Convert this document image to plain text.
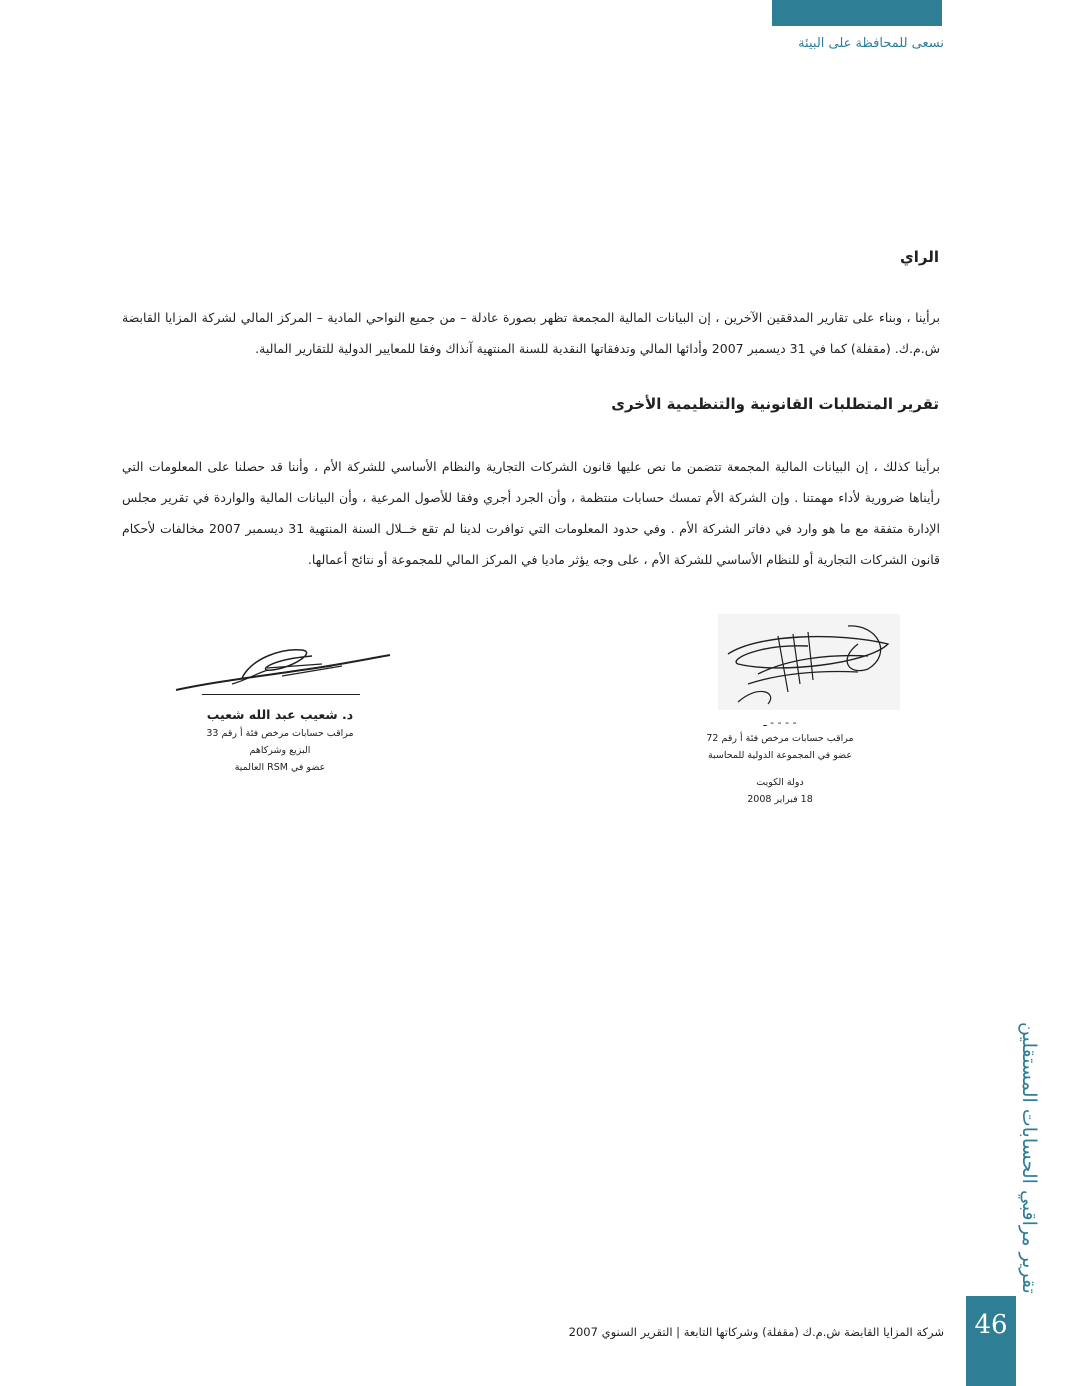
نسعى للمحافظة على البيئة
الراي
برأينا ، وبناء على تقارير المدققين الآخرين ، إن البيانات المالية المجمعة تظهر بصورة عادلة – من جميع النواحي المادية – المركز المالي لشركة المزايا القابضة ش.م.ك. (مقفلة) كما في 31 ديسمبر 2007 وأدائها المالي وتدفقاتها النقدية للسنة المنتهية آنذاك وفقا للمعايير الدولية للتقارير المالية.
تقرير المتطلبات القانونية والتنظيمية الأخرى
برأينا كذلك ، إن البيانات المالية المجمعة تتضمن ما نص عليها قانون الشركات التجارية والنظام الأساسي للشركة الأم ، وأننا قد حصلنا على المعلومات التي رأيناها ضرورية لأداء مهمتنا . وإن الشركة الأم تمسك حسابات منتظمة ، وأن الجرد أجري وفقا للأصول المرعية ، وأن البيانات المالية والواردة في تقرير مجلس الإدارة متفقة مع ما هو وارد في دفاتر الشركة الأم . وفي حدود المعلومات التي توافرت لدينا لم تقع خــلال السنة المنتهية 31 ديسمبر 2007 مخالفات لأحكام قانون الشركات التجارية أو للنظام الأساسي للشركة الأم ، على وجه يؤثر ماديا في المركز المالي للمجموعة أو نتائج أعمالها.
د. شعيب عبد الله شعيب
مراقب حسابات مرخص فئة أ رقم 33
البزيع وشركاهم
عضو في RSM العالمية
- - - - ـ
مراقب حسابات مرخص فئة أ رقم 72
عضو في المجموعة الدولية للمحاسبة
دولة الكويت
18 فبراير 2008
تقرير مراقبي الحسابات المستقلين
46
شركة المزايا القابضة ش.م.ك (مقفلة) وشركاتها التابعة | التقرير السنوي 2007
